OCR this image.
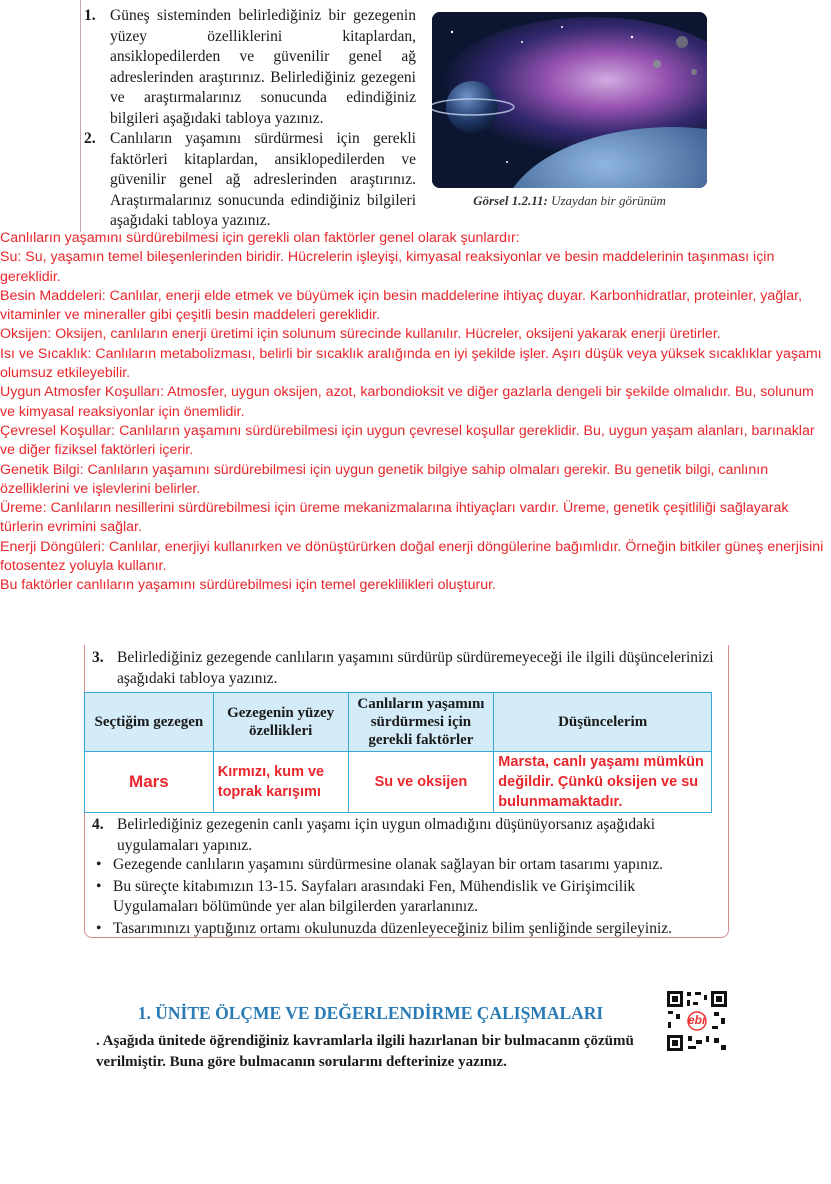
1. Güneş sisteminden belirlediğiniz bir gezegenin yüzey özelliklerini kitaplardan, ansiklopedilerden ve güvenilir genel ağ adreslerinden araştırınız. Belirlediğiniz gezegeni ve araştırmalarınız sonucunda edindiğiniz bilgileri aşağıdaki tabloya yazınız.
2. Canlıların yaşamını sürdürmesi için gerekli faktörleri kitaplardan, ansiklopedilerden ve güvenilir genel ağ adreslerinden araştırınız. Araştırmalarınız sonucunda edindiğiniz bilgileri aşağıdaki tabloya yazınız.
Görsel 1.2.11: Uzaydan bir görünüm

Canlıların yaşamını sürdürebilmesi için gerekli olan faktörler genel olarak şunlardır:

Su: Su, yaşamın temel bileşenlerinden biridir. Hücrelerin işleyişi, kimyasal reaksiyonlar ve besin maddelerinin taşınması için gereklidir.

Besin Maddeleri: Canlılar, enerji elde etmek ve büyümek için besin maddelerine ihtiyaç duyar. Karbonhidratlar, proteinler, yağlar, vitaminler ve mineraller gibi çeşitli besin maddeleri gereklidir.

Oksijen: Oksijen, canlıların enerji üretimi için solunum sürecinde kullanılır. Hücreler, oksijeni yakarak enerji üretirler.

Isı ve Sıcaklık: Canlıların metabolizması, belirli bir sıcaklık aralığında en iyi şekilde işler. Aşırı düşük veya yüksek sıcaklıklar yaşamı olumsuz etkileyebilir.

Uygun Atmosfer Koşulları: Atmosfer, uygun oksijen, azot, karbondioksit ve diğer gazlarla dengeli bir şekilde olmalıdır. Bu, solunum ve kimyasal reaksiyonlar için önemlidir.

Çevresel Koşullar: Canlıların yaşamını sürdürebilmesi için uygun çevresel koşullar gereklidir. Bu, uygun yaşam alanları, barınaklar ve diğer fiziksel faktörleri içerir.

Genetik Bilgi: Canlıların yaşamını sürdürebilmesi için uygun genetik bilgiye sahip olmaları gerekir. Bu genetik bilgi, canlının özelliklerini ve işlevlerini belirler.

Üreme: Canlıların nesillerini sürdürebilmesi için üreme mekanizmalarına ihtiyaçları vardır. Üreme, genetik çeşitliliği sağlayarak türlerin evrimini sağlar.

Enerji Döngüleri: Canlılar, enerjiyi kullanırken ve dönüştürürken doğal enerji döngülerine bağımlıdır. Örneğin bitkiler güneş enerjisini fotosentez yoluyla kullanır.

Bu faktörler canlıların yaşamını sürdürebilmesi için temel gereklilikleri oluşturur.

3. Belirlediğiniz gezegende canlıların yaşamını sürdürüp sürdüremeyeceği ile ilgili düşüncelerinizi aşağıdaki tabloya yazınız.
Seçtiğim gezegen	Gezegenin yüzey özellikleri	Canlıların yaşamını sürdürmesi için gerekli faktörler	Düşüncelerim
Mars	Kırmızı, kum ve toprak karışımı	Su ve oksijen	Marsta, canlı yaşamı mümkün değildir. Çünkü oksijen ve su bulunmamaktadır.
4. Belirlediğiniz gezegenin canlı yaşamı için uygun olmadığını düşünüyorsanız aşağıdaki uygulamaları yapınız.
• Gezegende canlıların yaşamını sürdürmesine olanak sağlayan bir ortam tasarımı yapınız.
• Bu süreçte kitabımızın 13-15. Sayfaları arasındaki Fen, Mühendislik ve Girişimcilik Uygulamaları bölümünde yer alan bilgilerden yararlanınız.
• Tasarımınızı yaptığınız ortamı okulunuzda düzenleyeceğiniz bilim şenliğinde sergileyiniz.
1. ÜNİTE ÖLÇME VE DEĞERLENDİRME ÇALIŞMALARI
. Aşağıda ünitede öğrendiğiniz kavramlarla ilgili hazırlanan bir bulmacanın çözümü verilmiştir. Buna göre bulmacanın sorularını defterinize yazınız.
ebi
